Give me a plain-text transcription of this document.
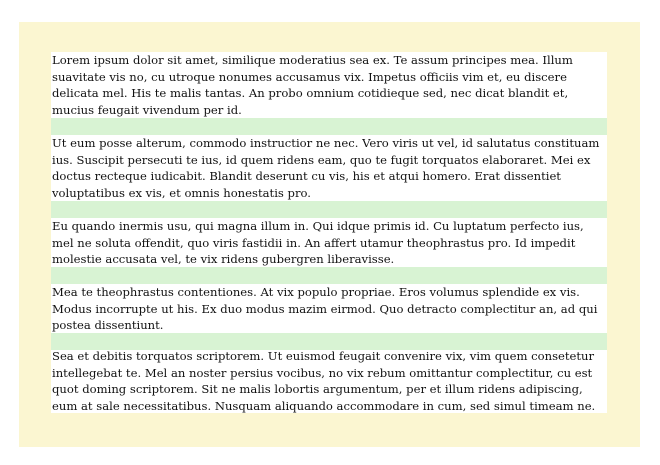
Lorem ipsum dolor sit amet, similique moderatius sea ex. Te assum principes mea. Illum
suavitate vis no, cu utroque nonumes accusamus vix. Impetus officiis vim et, eu discere
delicata mel. His te malis tantas. An probo omnium cotidieque sed, nec dicat blandit et,
mucius feugait vivendum per id.

Ut eum posse alterum, commodo instructior ne nec. Vero viris ut vel, id salutatus constituam
ius. Suscipit persecuti te ius, id quem ridens eam, quo te fugit torquatos elaboraret. Mei ex
doctus recteque iudicabit. Blandit deserunt cu vis, his et atqui homero. Erat dissentiet
voluptatibus ex vis, et omnis honestatis pro.

Eu quando inermis usu, qui magna illum in. Qui idque primis id. Cu luptatum perfecto ius,
mel ne soluta offendit, quo viris fastidii in. An affert utamur theophrastus pro. Id impedit
molestie accusata vel, te vix ridens gubergren liberavisse.

Mea te theophrastus contentiones. At vix populo propriae. Eros volumus splendide ex vis.
Modus incorrupte ut his. Ex duo modus mazim eirmod. Quo detracto complectitur an, ad qui
postea dissentiunt.

Sea et debitis torquatos scriptorem. Ut euismod feugait convenire vix, vim quem consetetur
intellegebat te. Mel an noster persius vocibus, no vix rebum omittantur complectitur, cu est
quot doming scriptorem. Sit ne malis lobortis argumentum, per et illum ridens adipiscing,
eum at sale necessitatibus. Nusquam aliquando accommodare in cum, sed simul timeam ne.
